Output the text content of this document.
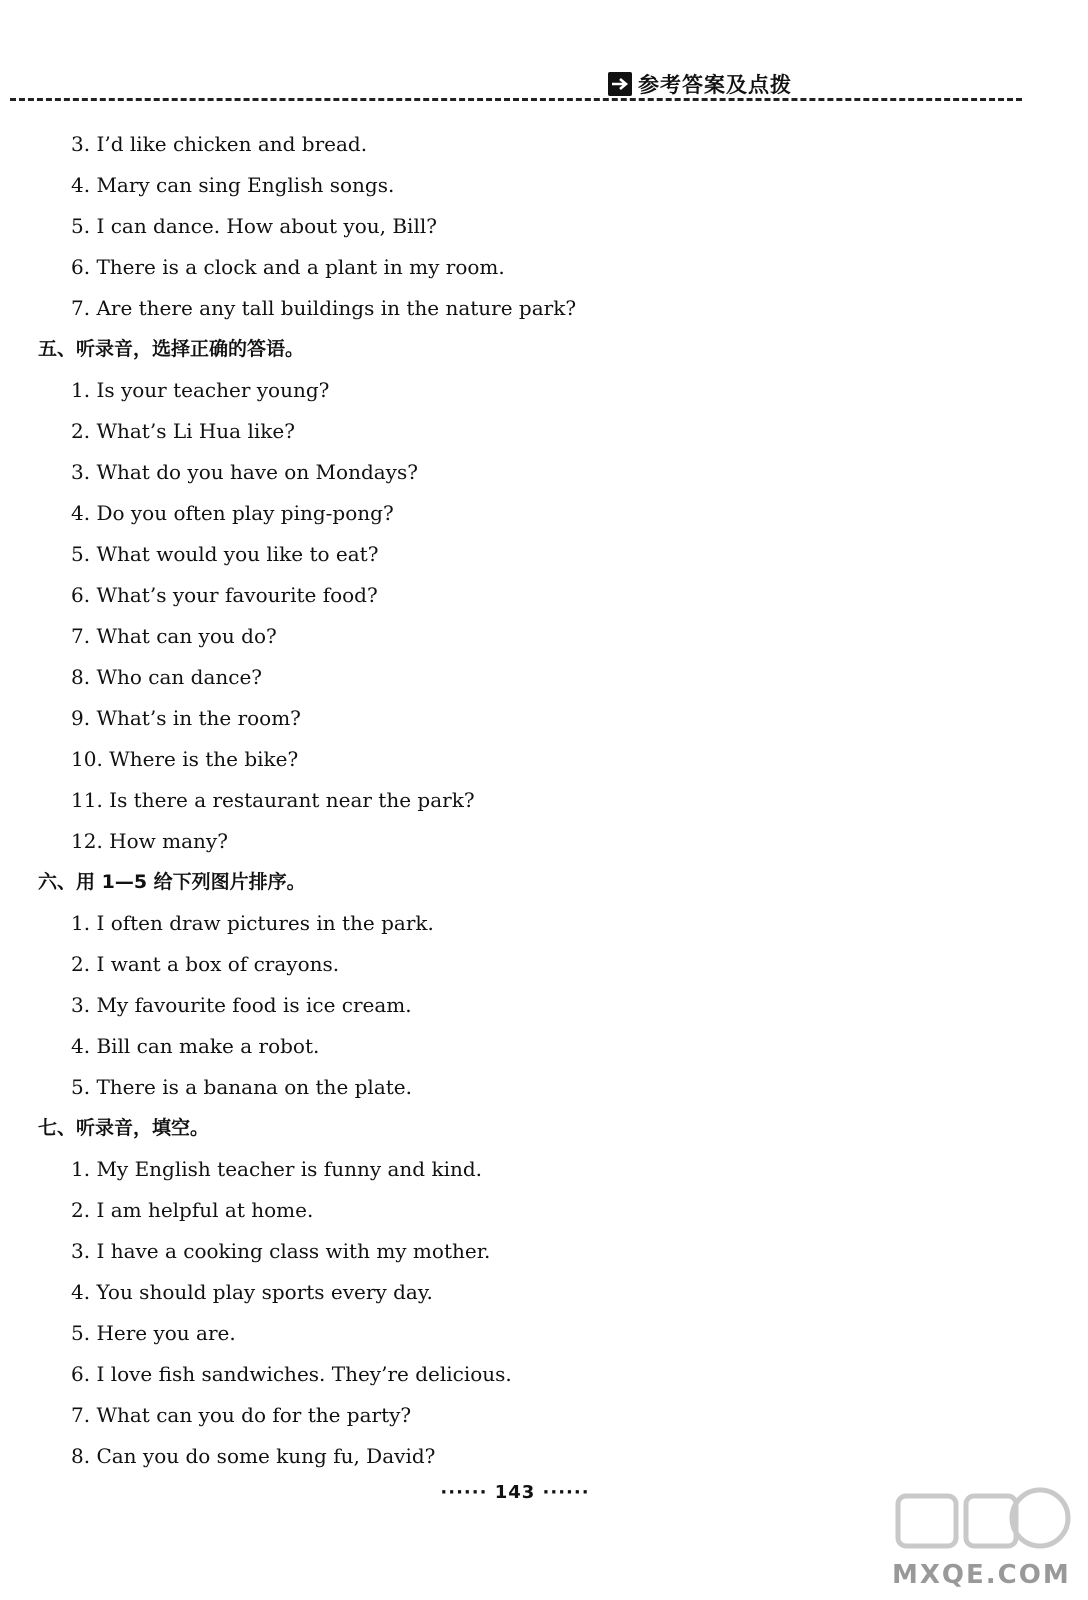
参考答案及点拨
3. I’d like chicken and bread.
4. Mary can sing English songs.
5. I can dance. How about you, Bill?
6. There is a clock and a plant in my room.
7. Are there any tall buildings in the nature park?
五、听录音，选择正确的答语。
1. Is your teacher young?
2. What’s Li Hua like?
3. What do you have on Mondays?
4. Do you often play ping-pong?
5. What would you like to eat?
6. What’s your favourite food?
7. What can you do?
8. Who can dance?
9. What’s in the room?
10. Where is the bike?
11. Is there a restaurant near the park?
12. How many?
六、用 1—5 给下列图片排序。
1. I often draw pictures in the park.
2. I want a box of crayons.
3. My favourite food is ice cream.
4. Bill can make a robot.
5. There is a banana on the plate.
七、听录音，填空。
1. My English teacher is funny and kind.
2. I am helpful at home.
3. I have a cooking class with my mother.
4. You should play sports every day.
5. Here you are.
6. I love fish sandwiches. They’re delicious.
7. What can you do for the party?
8. Can you do some kung fu, David?
······ 143 ······
MXQE.COM
